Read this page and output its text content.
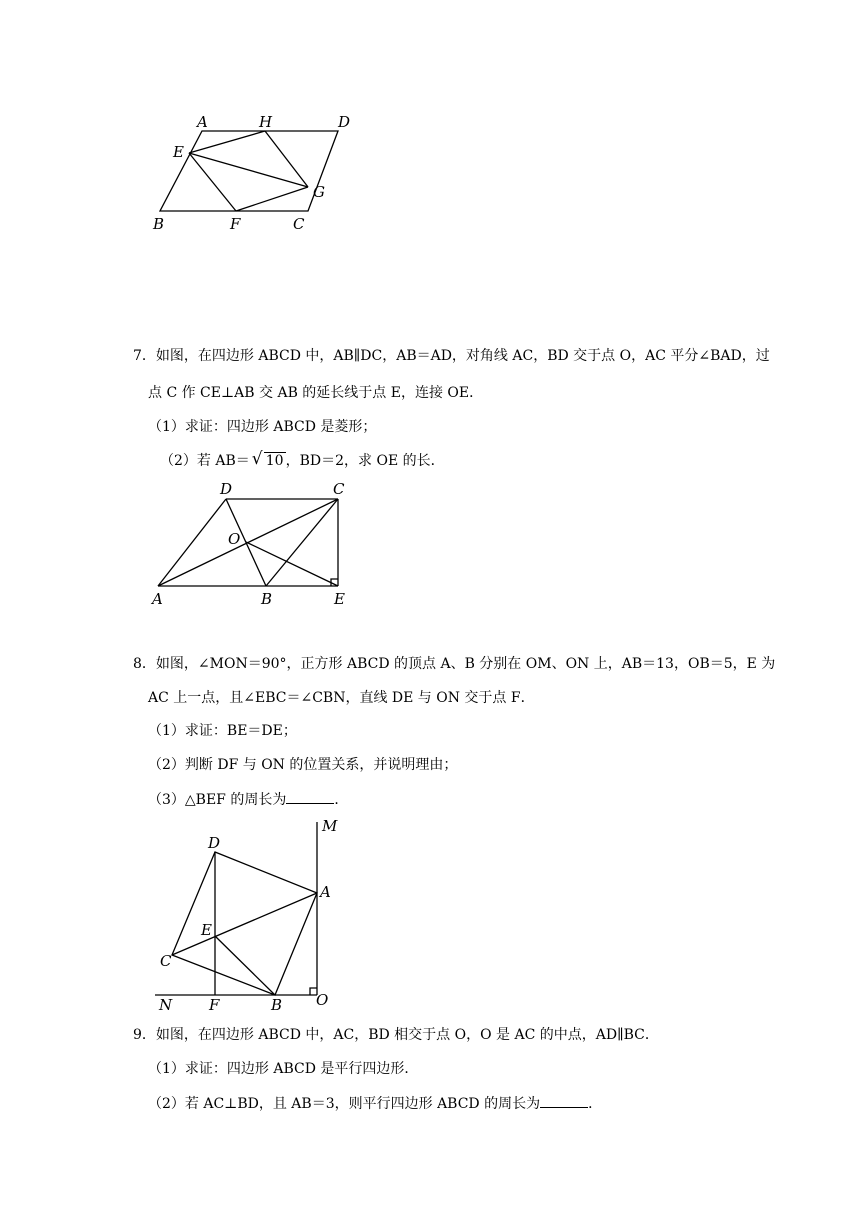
A	H	D
E
G
B	F	C
7．如图，在四边形 ABCD 中，AB∥DC，AB＝AD，对角线 AC，BD 交于点 O，AC 平分∠BAD，过
点 C 作 CE⊥AB 交 AB 的延长线于点 E，连接 OE．
（1）求证：四边形 ABCD 是菱形；
（2）若 AB＝ √ 10 ，BD＝2，求 OE 的长．
D	C
O
A	B	E
8．如图，∠MON＝90°，正方形 ABCD 的顶点 A、B 分别在 OM、ON 上，AB＝13，OB＝5，E 为
AC 上一点，且∠EBC＝∠CBN，直线 DE 与 ON 交于点 F．
（1）求证：BE＝DE；
（2）判断 DF 与 ON 的位置关系，并说明理由；
（3）△BEF 的周长为	．
M
D
A
E
C
N F	B O
9．如图，在四边形 ABCD 中，AC，BD 相交于点 O，O 是 AC 的中点，AD∥BC．
（1）求证：四边形 ABCD 是平行四边形．
（2）若 AC⊥BD，且 AB＝3，则平行四边形 ABCD 的周长为	．
